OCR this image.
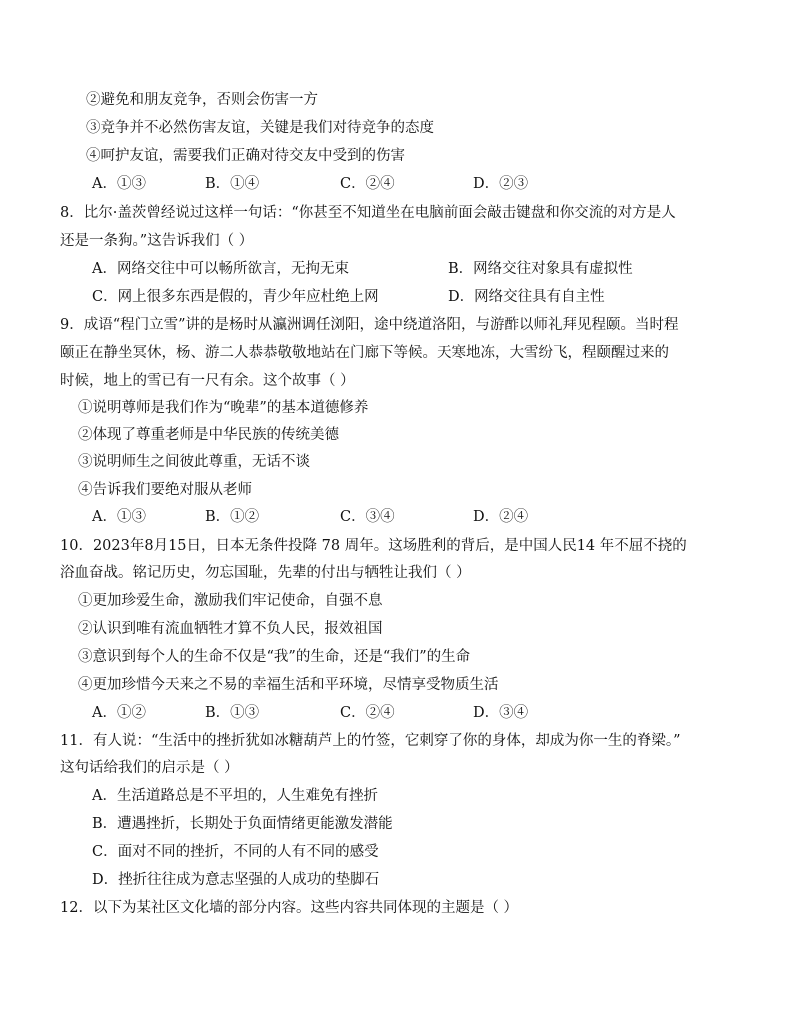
②避免和朋友竞争，否则会伤害一方
③竞争并不必然伤害友谊，关键是我们对待竞争的态度
④呵护友谊，需要我们正确对待交友中受到的伤害
A．①③	B．①④	C．②④	D．②③
8．比尔·盖茨曾经说过这样一句话：“你甚至不知道坐在电脑前面会敲击键盘和你交流的对方是人
还是一条狗。”这告诉我们（ ）
A．网络交往中可以畅所欲言，无拘无束	B．网络交往对象具有虚拟性
C．网上很多东西是假的，青少年应杜绝上网	D．网络交往具有自主性
9．成语“程门立雪”讲的是杨时从瀛洲调任浏阳，途中绕道洛阳，与游酢以师礼拜见程颐。当时程
颐正在静坐冥休，杨、游二人恭恭敬敬地站在门廊下等候。天寒地冻，大雪纷飞，程颐醒过来的
时候，地上的雪已有一尺有余。这个故事（ ）
①说明尊师是我们作为“晚辈”的基本道德修养
②体现了尊重老师是中华民族的传统美德
③说明师生之间彼此尊重，无话不谈
④告诉我们要绝对服从老师
A．①③	B．①②	C．③④	D．②④
10．2023年8月15日，日本无条件投降 78 周年。这场胜利的背后，是中国人民14 年不屈不挠的
浴血奋战。铭记历史，勿忘国耻，先辈的付出与牺牲让我们（ ）
①更加珍爱生命，激励我们牢记使命，自强不息
②认识到唯有流血牺牲才算不负人民，报效祖国
③意识到每个人的生命不仅是“我”的生命，还是“我们”的生命
④更加珍惜今天来之不易的幸福生活和平环境，尽情享受物质生活
A．①②	B．①③	C．②④	D．③④
11．有人说：“生活中的挫折犹如冰糖葫芦上的竹签，它刺穿了你的身体，却成为你一生的脊梁。”
这句话给我们的启示是（ ）
A．生活道路总是不平坦的，人生难免有挫折
B．遭遇挫折，长期处于负面情绪更能激发潜能
C．面对不同的挫折，不同的人有不同的感受
D．挫折往往成为意志坚强的人成功的垫脚石
12．以下为某社区文化墙的部分内容。这些内容共同体现的主题是（ ）
